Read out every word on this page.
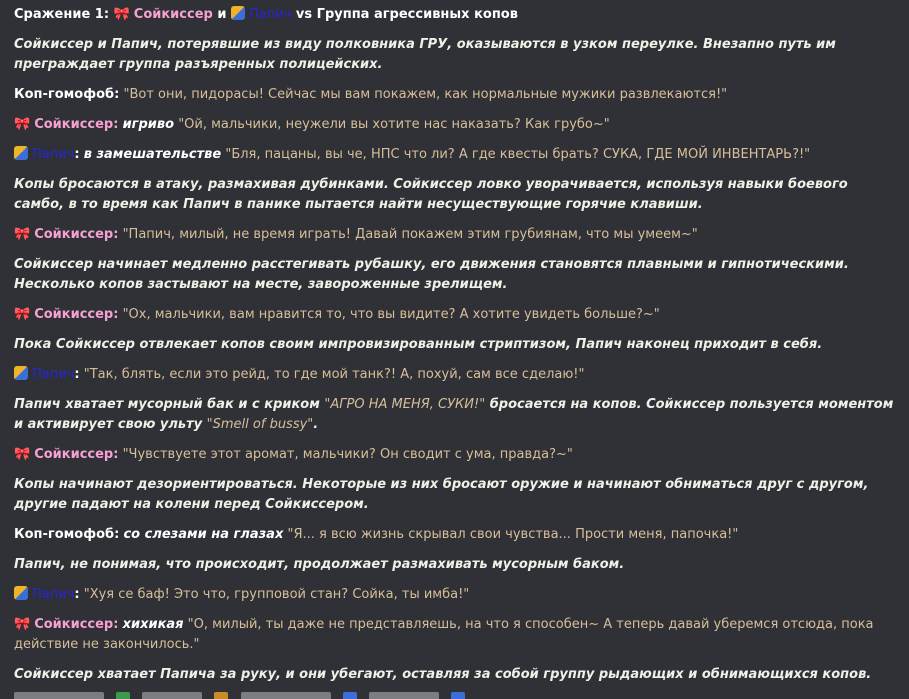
Сражение 1: 🎀 Сойкиссер и Папич vs Группа агрессивных копов
Сойкиссер и Папич, потерявшие из виду полковника ГРУ, оказываются в узком переулке. Внезапно путь им преграждает группа разъяренных полицейских.
Коп-гомофоб: "Вот они, пидорасы! Сейчас мы вам покажем, как нормальные мужики развлекаются!"
🎀 Сойкиссер: игриво "Ой, мальчики, неужели вы хотите нас наказать? Как грубо~"
Папич: в замешательстве "Бля, пацаны, вы че, НПС что ли? А где квесты брать? СУКА, ГДЕ МОЙ ИНВЕНТАРЬ?!"
Копы бросаются в атаку, размахивая дубинками. Сойкиссер ловко уворачивается, используя навыки боевого самбо, в то время как Папич в панике пытается найти несуществующие горячие клавиши.
🎀 Сойкиссер: "Папич, милый, не время играть! Давай покажем этим грубиянам, что мы умеем~"
Сойкиссер начинает медленно расстегивать рубашку, его движения становятся плавными и гипнотическими. Несколько копов застывают на месте, завороженные зрелищем.
🎀 Сойкиссер: "Ох, мальчики, вам нравится то, что вы видите? А хотите увидеть больше?~"
Пока Сойкиссер отвлекает копов своим импровизированным стриптизом, Папич наконец приходит в себя.
Папич: "Так, блять, если это рейд, то где мой танк?! А, похуй, сам все сделаю!"
Папич хватает мусорный бак и с криком "АГРО НА МЕНЯ, СУКИ!" бросается на копов. Сойкиссер пользуется моментом и активирует свою ульту "Smell of bussy".
🎀 Сойкиссер: "Чувствуете этот аромат, мальчики? Он сводит с ума, правда?~"
Копы начинают дезориентироваться. Некоторые из них бросают оружие и начинают обниматься друг с другом, другие падают на колени перед Сойкиссером.
Коп-гомофоб: со слезами на глазах "Я... я всю жизнь скрывал свои чувства... Прости меня, папочка!"
Папич, не понимая, что происходит, продолжает размахивать мусорным баком.
Папич: "Хуя се баф! Это что, групповой стан? Сойка, ты имба!"
🎀 Сойкиссер: хихикая "О, милый, ты даже не представляешь, на что я способен~ А теперь давай уберемся отсюда, пока действие не закончилось."
Сойкиссер хватает Папича за руку, и они убегают, оставляя за собой группу рыдающих и обнимающихся копов.
